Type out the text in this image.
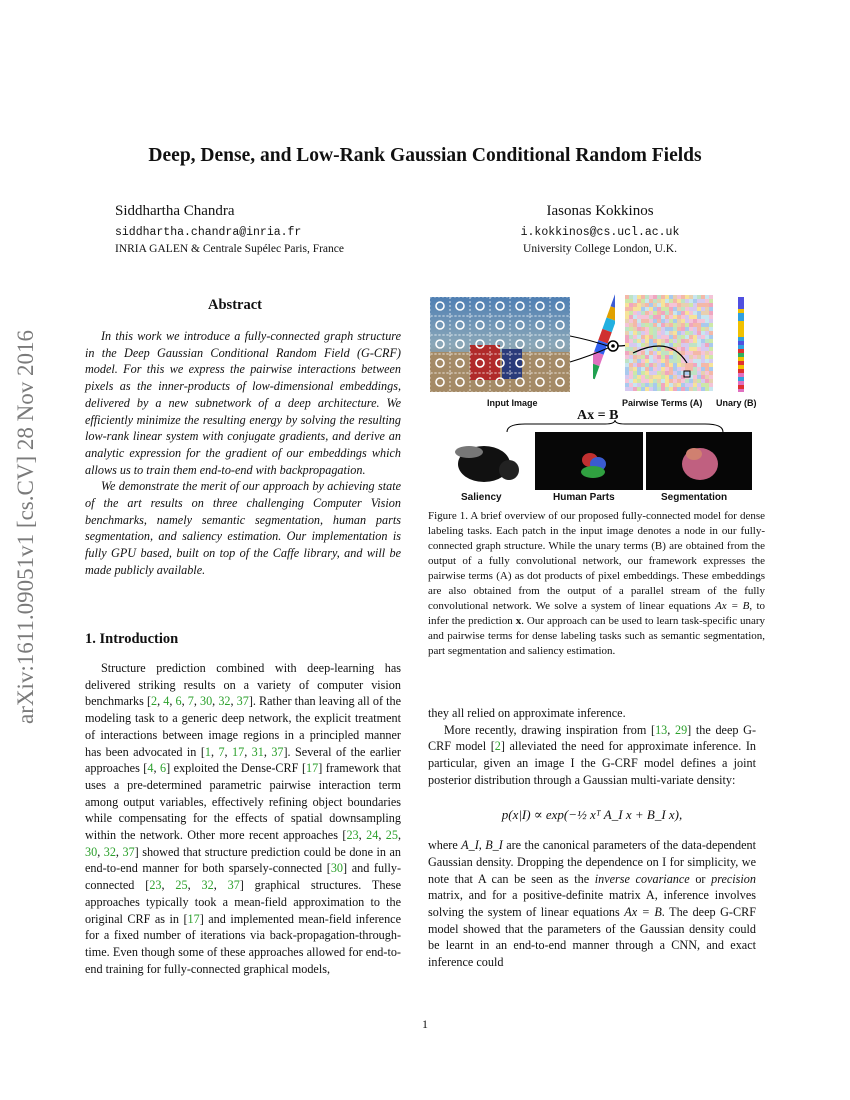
arXiv:1611.09051v1 [cs.CV] 28 Nov 2016
Deep, Dense, and Low-Rank Gaussian Conditional Random Fields
Siddhartha Chandra
siddhartha.chandra@inria.fr
INRIA GALEN & Centrale Supélec Paris, France
Iasonas Kokkinos
i.kokkinos@cs.ucl.ac.uk
University College London, U.K.
Abstract

In this work we introduce a fully-connected graph structure in the Deep Gaussian Conditional Random Field (G-CRF) model. For this we express the pairwise interactions between pixels as the inner-products of low-dimensional embeddings, delivered by a new subnetwork of a deep architecture. We efficiently minimize the resulting energy by solving the resulting low-rank linear system with conjugate gradients, and derive an analytic expression for the gradient of our embeddings which allows us to train them end-to-end with backpropagation.

We demonstrate the merit of our approach by achieving state of the art results on three challenging Computer Vision benchmarks, namely semantic segmentation, human parts segmentation, and saliency estimation. Our implementation is fully GPU based, built on top of the Caffe library, and will be made publicly available.

1. Introduction

Structure prediction combined with deep-learning has delivered striking results on a variety of computer vision benchmarks [2, 4, 6, 7, 30, 32, 37]. Rather than leaving all of the modeling task to a generic deep network, the explicit treatment of interactions between image regions in a principled manner has been advocated in [1, 7, 17, 31, 37]. Several of the earlier approaches [4, 6] exploited the Dense-CRF [17] framework that uses a pre-determined parametric pairwise interaction term among output variables, effectively refining object boundaries while compensating for the effects of spatial downsampling within the network. Other more recent approaches [23, 24, 25, 30, 32, 37] showed that structure prediction could be done in an end-to-end manner for both sparsely-connected [30] and fully-connected [23, 25, 32, 37] graphical structures. These approaches typically took a mean-field approximation to the original CRF as in [17] and implemented mean-field inference for a fixed number of iterations via back-propagation-through-time. Even though some of these approaches allowed for end-to-end training for fully-connected graphical models,

Input Image	Pairwise Terms (A) Unary (B)
Ax = B
Saliency	Human Parts	Segmentation
Figure 1. A brief overview of our proposed fully-connected model for dense labeling tasks. Each patch in the input image denotes a node in our fully-connected graph structure. While the unary terms (B) are obtained from the output of a fully convolutional network, our framework expresses the pairwise terms (A) as dot products of pixel embeddings. These embeddings are also obtained from the output of a parallel stream of the fully convolutional network. We solve a system of linear equations Ax = B, to infer the prediction x. Our approach can be used to learn task-specific unary and pairwise terms for dense labeling tasks such as semantic segmentation, part segmentation and saliency estimation.

they all relied on approximate inference.

More recently, drawing inspiration from [13, 29] the deep G-CRF model [2] alleviated the need for approximate inference. In particular, given an image I the G-CRF model defines a joint posterior distribution through a Gaussian multi-variate density:

p(x|I) ∝ exp(−½ xᵀ A_I x + B_I x),

where A_I, B_I are the canonical parameters of the data-dependent Gaussian density. Dropping the dependence on I for simplicity, we note that A can be seen as the inverse covariance or precision matrix, and for a positive-definite matrix A, inference involves solving the system of linear equations Ax = B. The deep G-CRF model showed that the parameters of the Gaussian density could be learnt in an end-to-end manner through a CNN, and exact inference could

1
